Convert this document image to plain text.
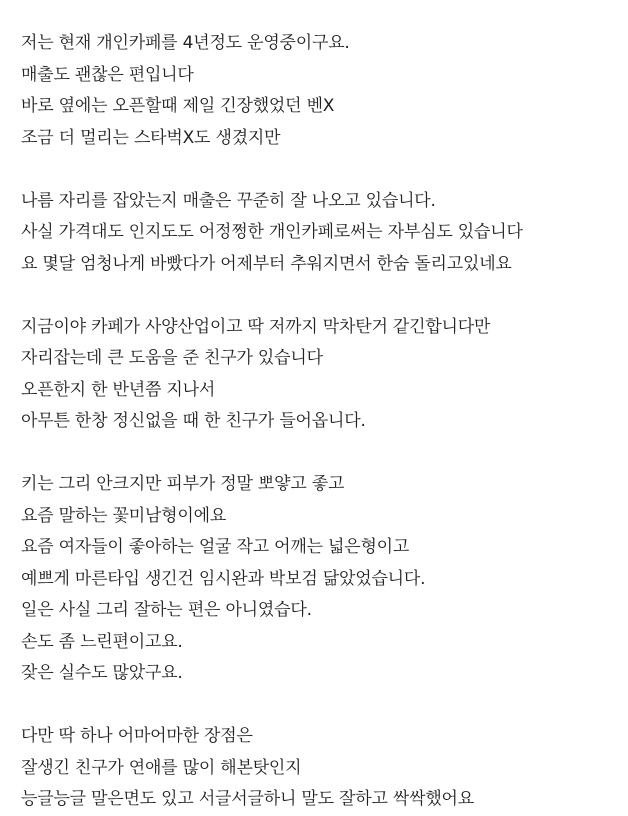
저는 현재 개인카페를 4년정도 운영중이구요.
매출도 괜찮은 편입니다
바로 옆에는 오픈할때 제일 긴장했었던 벤X
조금 더 멀리는 스타벅X도 생겼지만
나름 자리를 잡았는지 매출은 꾸준히 잘 나오고 있습니다.
사실 가격대도 인지도도 어정쩡한 개인카페로써는 자부심도 있습니다
요 몇달 엄청나게 바빴다가 어제부터 추워지면서 한숨 돌리고있네요
지금이야 카페가 사양산업이고 딱 저까지 막차탄거 같긴합니다만
자리잡는데 큰 도움을 준 친구가 있습니다
오픈한지 한 반년쯤 지나서
아무튼 한창 정신없을 때 한 친구가 들어옵니다.
키는 그리 안크지만 피부가 정말 뽀얗고 좋고
요즘 말하는 꽃미남형이에요
요즘 여자들이 좋아하는 얼굴 작고 어깨는 넓은형이고
예쁘게 마른타입 생긴건 임시완과 박보검 닮았었습니다.
일은 사실 그리 잘하는 편은 아니였습다.
손도 좀 느린편이고요.
잦은 실수도 많았구요.
다만 딱 하나 어마어마한 장점은
잘생긴 친구가 연애를 많이 해본탓인지
능글능글 말은면도 있고 서글서글하니 말도 잘하고 싹싹했어요
